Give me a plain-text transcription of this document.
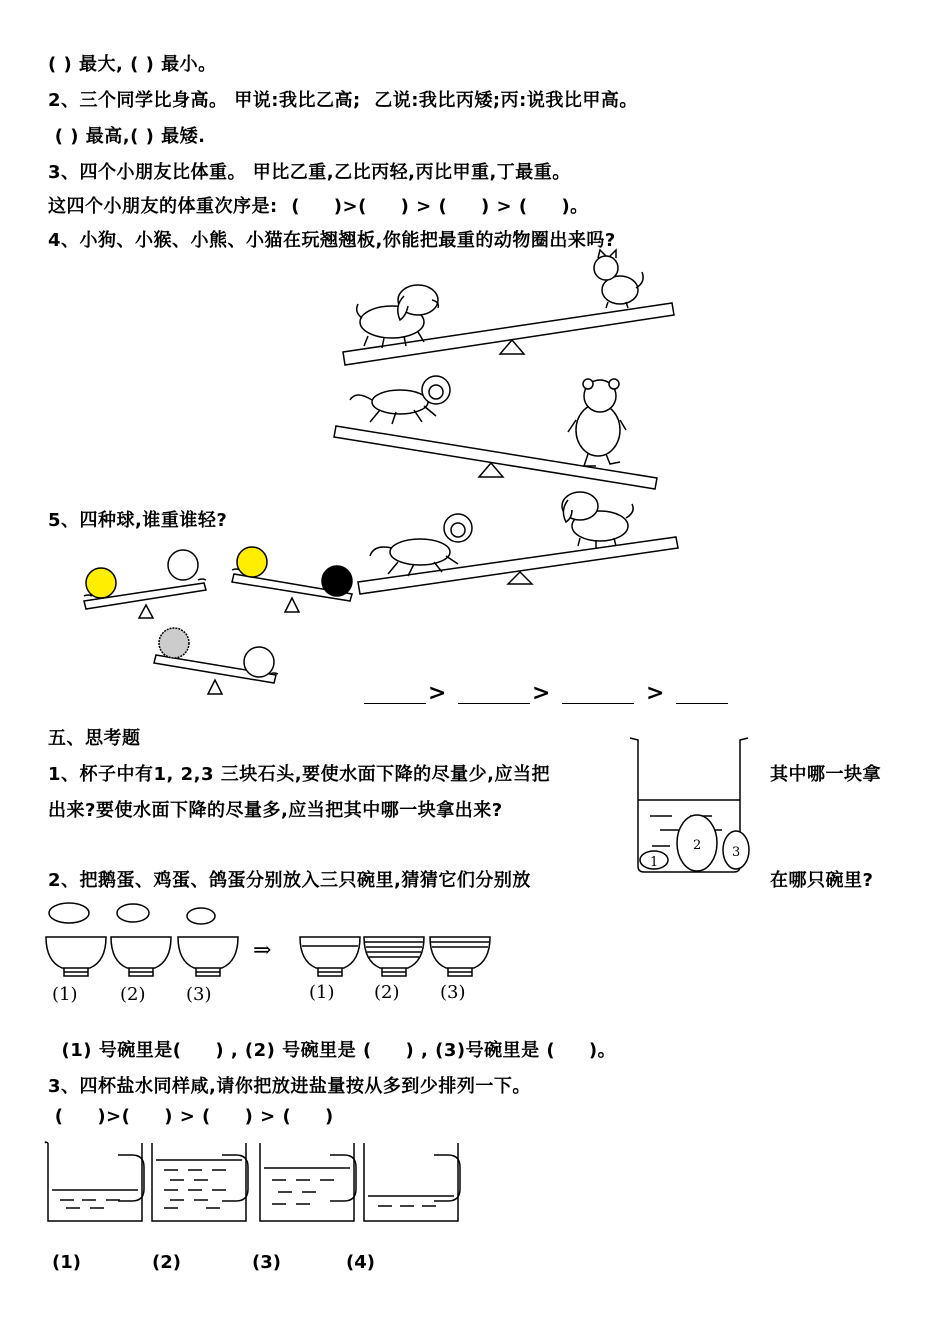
( ) 最大, ( ) 最小。
2、三个同学比身高。 甲说:我比乙高;  乙说:我比丙矮;丙:说我比甲高。
( ) 最高,( ) 最矮.
3、四个小朋友比体重。 甲比乙重,乙比丙轻,丙比甲重,丁最重。
这四个小朋友的体重次序是:  (     )>(     ) > (     ) > (     )。
4、小狗、小猴、小熊、小猫在玩翘翘板,你能把最重的动物圈出来吗?
5、四种球,谁重谁轻?
五、思考题
1、杯子中有1, 2,3 三块石头,要使水面下降的尽量少,应当把	其中哪一块拿
出来?要使水面下降的尽量多,应当把其中哪一块拿出来?
2、把鹅蛋、鸡蛋、鸽蛋分别放入三只碗里,猜猜它们分别放	在哪只碗里?
(1) 号碗里是(     ) , (2) 号碗里是 (     ) , (3)号碗里是 (     )。
3、四杯盐水同样咸,请你把放进盐量按从多到少排列一下。
(     )>(     ) > (     ) > (     )
>	>	>
(1) (2) (3)
⇒
(1) (2) (3)
(1)	(2)	(3)	(4)
1
2 3
